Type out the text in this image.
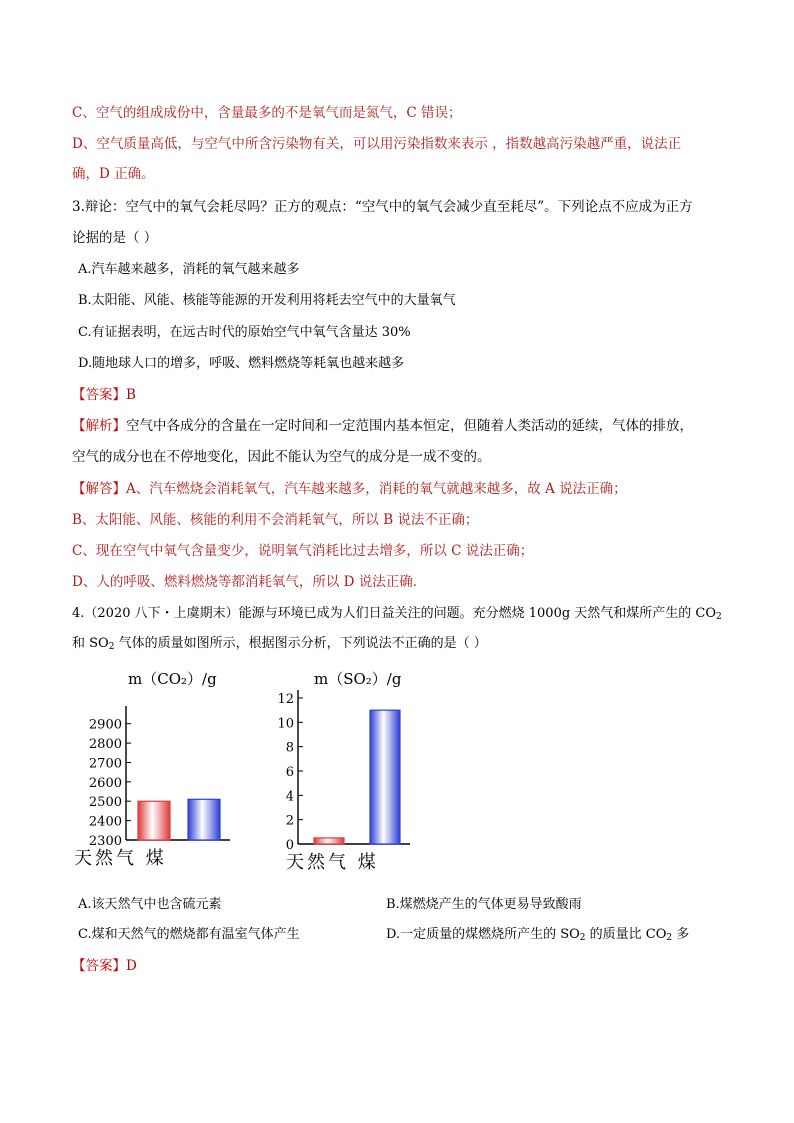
C、空气的组成成份中，含量最多的不是氧气而是氮气，C 错误；
D、空气质量高低，与空气中所含污染物有关，可以用污染指数来表示 ，指数越高污染越严重，说法正
确，D 正确。
3.辩论：空气中的氧气会耗尽吗？正方的观点：“空气中的氧气会减少直至耗尽”。下列论点不应成为正方
论据的是（ ）
A.汽车越来越多，消耗的氧气越来越多
B.太阳能、风能、核能等能源的开发利用将耗去空气中的大量氧气
C.有证据表明，在远古时代的原始空气中氧气含量达 30%
D.随地球人口的增多，呼吸、燃料燃烧等耗氧也越来越多
【答案】B
【解析】空气中各成分的含量在一定时间和一定范围内基本恒定，但随着人类活动的延续，气体的排放，
空气的成分也在不停地变化，因此不能认为空气的成分是一成不变的。
【解答】A、汽车燃烧会消耗氧气，汽车越来越多，消耗的氧气就越来越多，故 A 说法正确；
B、太阳能、风能、核能的利用不会消耗氧气，所以 B 说法不正确；
C、现在空气中氧气含量变少，说明氧气消耗比过去增多，所以 C 说法正确；
D、人的呼吸、燃料燃烧等都消耗氧气，所以 D 说法正确．
4.（2020 八下・上虞期末）能源与环境已成为人们日益关注的问题。充分燃烧 1000g 天然气和煤所产生的 $CO_2$
和 $SO_2$ 气体的质量如图所示，根据图示分析，下列说法不正确的是（ ）
m（CO₂）/g
2900
2800
2700
2600
2500
2400
2300
天然气 煤
m（SO₂）/g
12
10
8
6
4
2
0
天然气 煤
A.该天然气中也含硫元素	B.煤燃烧产生的气体更易导致酸雨
C.煤和天然气的燃烧都有温室气体产生	D.一定质量的煤燃烧所产生的 $SO_2$ 的质量比 $CO_2$ 多
【答案】D
